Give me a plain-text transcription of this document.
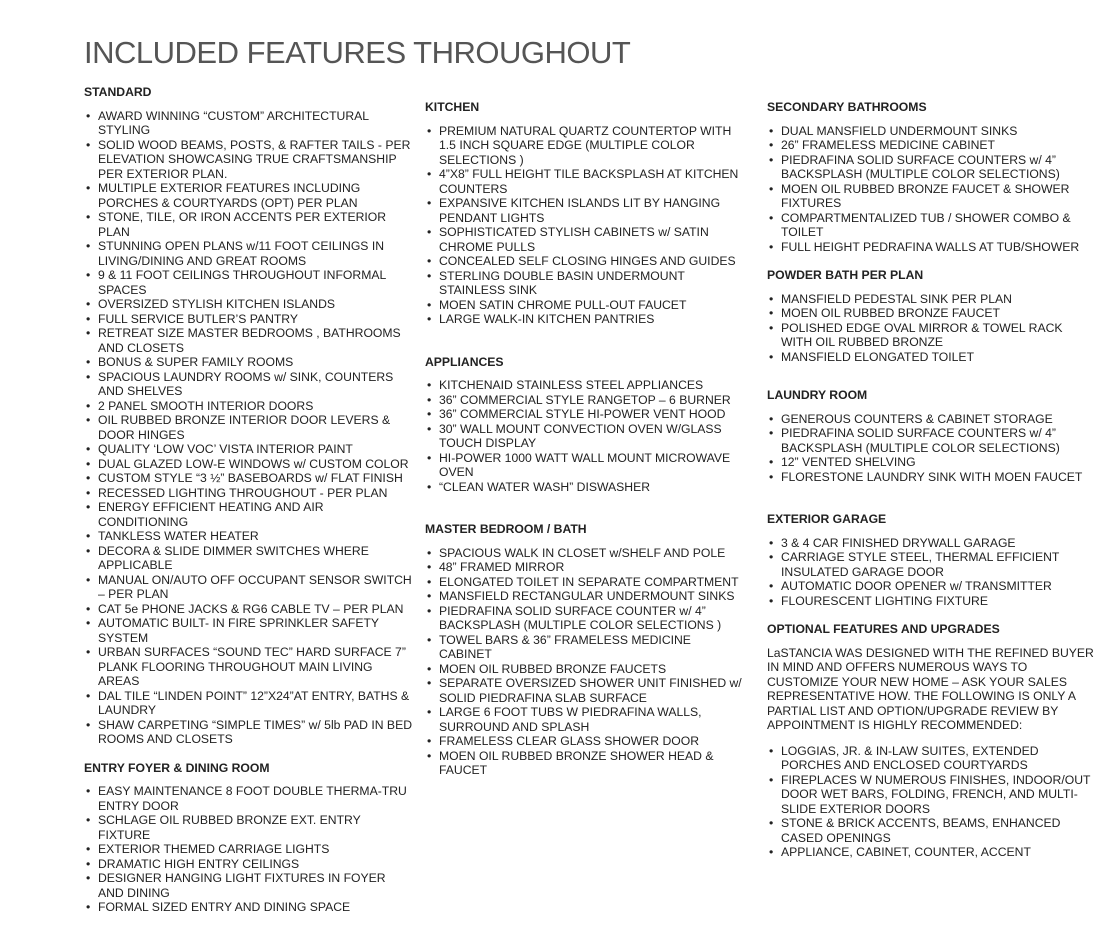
INCLUDED FEATURES THROUGHOUT
STANDARD
• AWARD WINNING “CUSTOM” ARCHITECTURAL STYLING
• SOLID WOOD BEAMS, POSTS, & RAFTER TAILS - PER ELEVATION SHOWCASING TRUE CRAFTSMANSHIP PER EXTERIOR PLAN.
• MULTIPLE EXTERIOR FEATURES INCLUDING PORCHES & COURTYARDS (OPT) PER PLAN
• STONE, TILE, OR IRON ACCENTS PER EXTERIOR PLAN
• STUNNING OPEN PLANS w/11 FOOT CEILINGS IN LIVING/DINING AND GREAT ROOMS
• 9 & 11 FOOT CEILINGS THROUGHOUT INFORMAL SPACES
• OVERSIZED STYLISH KITCHEN ISLANDS
• FULL SERVICE BUTLER’S PANTRY
• RETREAT SIZE MASTER BEDROOMS , BATHROOMS AND CLOSETS
• BONUS & SUPER FAMILY ROOMS
• SPACIOUS LAUNDRY ROOMS w/ SINK, COUNTERS AND SHELVES
• 2 PANEL SMOOTH INTERIOR DOORS
• OIL RUBBED BRONZE INTERIOR DOOR LEVERS & DOOR HINGES
• QUALITY ‘LOW VOC’ VISTA INTERIOR PAINT
• DUAL GLAZED LOW-E WINDOWS w/ CUSTOM COLOR
• CUSTOM STYLE “3 ½” BASEBOARDS w/ FLAT FINISH
• RECESSED LIGHTING THROUGHOUT - PER PLAN
• ENERGY EFFICIENT HEATING AND AIR CONDITIONING
• TANKLESS WATER HEATER
• DECORA & SLIDE DIMMER SWITCHES WHERE APPLICABLE
• MANUAL ON/AUTO OFF OCCUPANT SENSOR SWITCH – PER PLAN
• CAT 5e PHONE JACKS & RG6 CABLE TV – PER PLAN
• AUTOMATIC BUILT- IN FIRE SPRINKLER SAFETY SYSTEM
• URBAN SURFACES “SOUND TEC” HARD SURFACE 7” PLANK FLOORING THROUGHOUT MAIN LIVING AREAS
• DAL TILE “LINDEN POINT” 12”X24”AT ENTRY, BATHS & LAUNDRY
• SHAW CARPETING “SIMPLE TIMES” w/ 5lb PAD IN BED ROOMS AND CLOSETS
ENTRY FOYER & DINING ROOM
• EASY MAINTENANCE 8 FOOT DOUBLE THERMA-TRU ENTRY DOOR
• SCHLAGE OIL RUBBED BRONZE EXT. ENTRY FIXTURE
• EXTERIOR THEMED CARRIAGE LIGHTS
• DRAMATIC HIGH ENTRY CEILINGS
• DESIGNER HANGING LIGHT FIXTURES IN FOYER AND DINING
• FORMAL SIZED ENTRY AND DINING SPACE
KITCHEN
• PREMIUM NATURAL QUARTZ COUNTERTOP WITH 1.5 INCH SQUARE EDGE (MULTIPLE COLOR SELECTIONS )
• 4”X8” FULL HEIGHT TILE BACKSPLASH AT KITCHEN COUNTERS
• EXPANSIVE KITCHEN ISLANDS LIT BY HANGING PENDANT LIGHTS
• SOPHISTICATED STYLISH CABINETS w/ SATIN CHROME PULLS
• CONCEALED SELF CLOSING HINGES AND GUIDES
• STERLING DOUBLE BASIN UNDERMOUNT STAINLESS SINK
• MOEN SATIN CHROME PULL-OUT FAUCET
• LARGE WALK-IN KITCHEN PANTRIES
APPLIANCES
• KITCHENAID STAINLESS STEEL APPLIANCES
• 36” COMMERCIAL STYLE RANGETOP – 6 BURNER
• 36” COMMERCIAL STYLE HI-POWER VENT HOOD
• 30” WALL MOUNT CONVECTION OVEN W/GLASS TOUCH DISPLAY
• HI-POWER 1000 WATT WALL MOUNT MICROWAVE OVEN
• “CLEAN WATER WASH” DISWASHER
MASTER BEDROOM / BATH
• SPACIOUS WALK IN CLOSET w/SHELF AND POLE
• 48” FRAMED MIRROR
• ELONGATED TOILET IN SEPARATE COMPARTMENT
• MANSFIELD RECTANGULAR UNDERMOUNT SINKS
• PIEDRAFINA SOLID SURFACE COUNTER w/ 4” BACKSPLASH (MULTIPLE COLOR SELECTIONS )
• TOWEL BARS & 36” FRAMELESS MEDICINE CABINET
• MOEN OIL RUBBED BRONZE FAUCETS
• SEPARATE OVERSIZED SHOWER UNIT FINISHED w/ SOLID PIEDRAFINA SLAB SURFACE
• LARGE 6 FOOT TUBS W PIEDRAFINA WALLS, SURROUND AND SPLASH
• FRAMELESS CLEAR GLASS SHOWER DOOR
• MOEN OIL RUBBED BRONZE SHOWER HEAD & FAUCET
SECONDARY BATHROOMS
• DUAL MANSFIELD UNDERMOUNT SINKS
• 26” FRAMELESS MEDICINE CABINET
• PIEDRAFINA SOLID SURFACE COUNTERS w/ 4” BACKSPLASH (MULTIPLE COLOR SELECTIONS)
• MOEN OIL RUBBED BRONZE FAUCET & SHOWER FIXTURES
• COMPARTMENTALIZED TUB / SHOWER COMBO & TOILET
• FULL HEIGHT PEDRAFINA WALLS AT TUB/SHOWER
POWDER BATH PER PLAN
• MANSFIELD PEDESTAL SINK PER PLAN
• MOEN OIL RUBBED BRONZE FAUCET
• POLISHED EDGE OVAL MIRROR & TOWEL RACK WITH OIL RUBBED BRONZE
• MANSFIELD ELONGATED TOILET
LAUNDRY ROOM
• GENEROUS COUNTERS & CABINET STORAGE
• PIEDRAFINA SOLID SURFACE COUNTERS w/ 4” BACKSPLASH (MULTIPLE COLOR SELECTIONS)
• 12” VENTED SHELVING
• FLORESTONE LAUNDRY SINK WITH MOEN FAUCET
EXTERIOR GARAGE
• 3 & 4 CAR FINISHED DRYWALL GARAGE
• CARRIAGE STYLE STEEL, THERMAL EFFICIENT INSULATED GARAGE DOOR
• AUTOMATIC DOOR OPENER w/ TRANSMITTER
• FLOURESCENT LIGHTING FIXTURE
OPTIONAL FEATURES AND UPGRADES

LaSTANCIA WAS DESIGNED WITH THE REFINED BUYER IN MIND AND OFFERS NUMEROUS WAYS TO CUSTOMIZE YOUR NEW HOME – ASK YOUR SALES REPRESENTATIVE HOW. THE FOLLOWING IS ONLY A PARTIAL LIST AND OPTION/UPGRADE REVIEW BY APPOINTMENT IS HIGHLY RECOMMENDED:

• LOGGIAS, JR. & IN-LAW SUITES, EXTENDED PORCHES AND ENCLOSED COURTYARDS
• FIREPLACES W NUMEROUS FINISHES, INDOOR/OUT DOOR WET BARS, FOLDING, FRENCH, AND MULTI-SLIDE EXTERIOR DOORS
• STONE & BRICK ACCENTS, BEAMS, ENHANCED CASED OPENINGS
• APPLIANCE, CABINET, COUNTER, ACCENT
